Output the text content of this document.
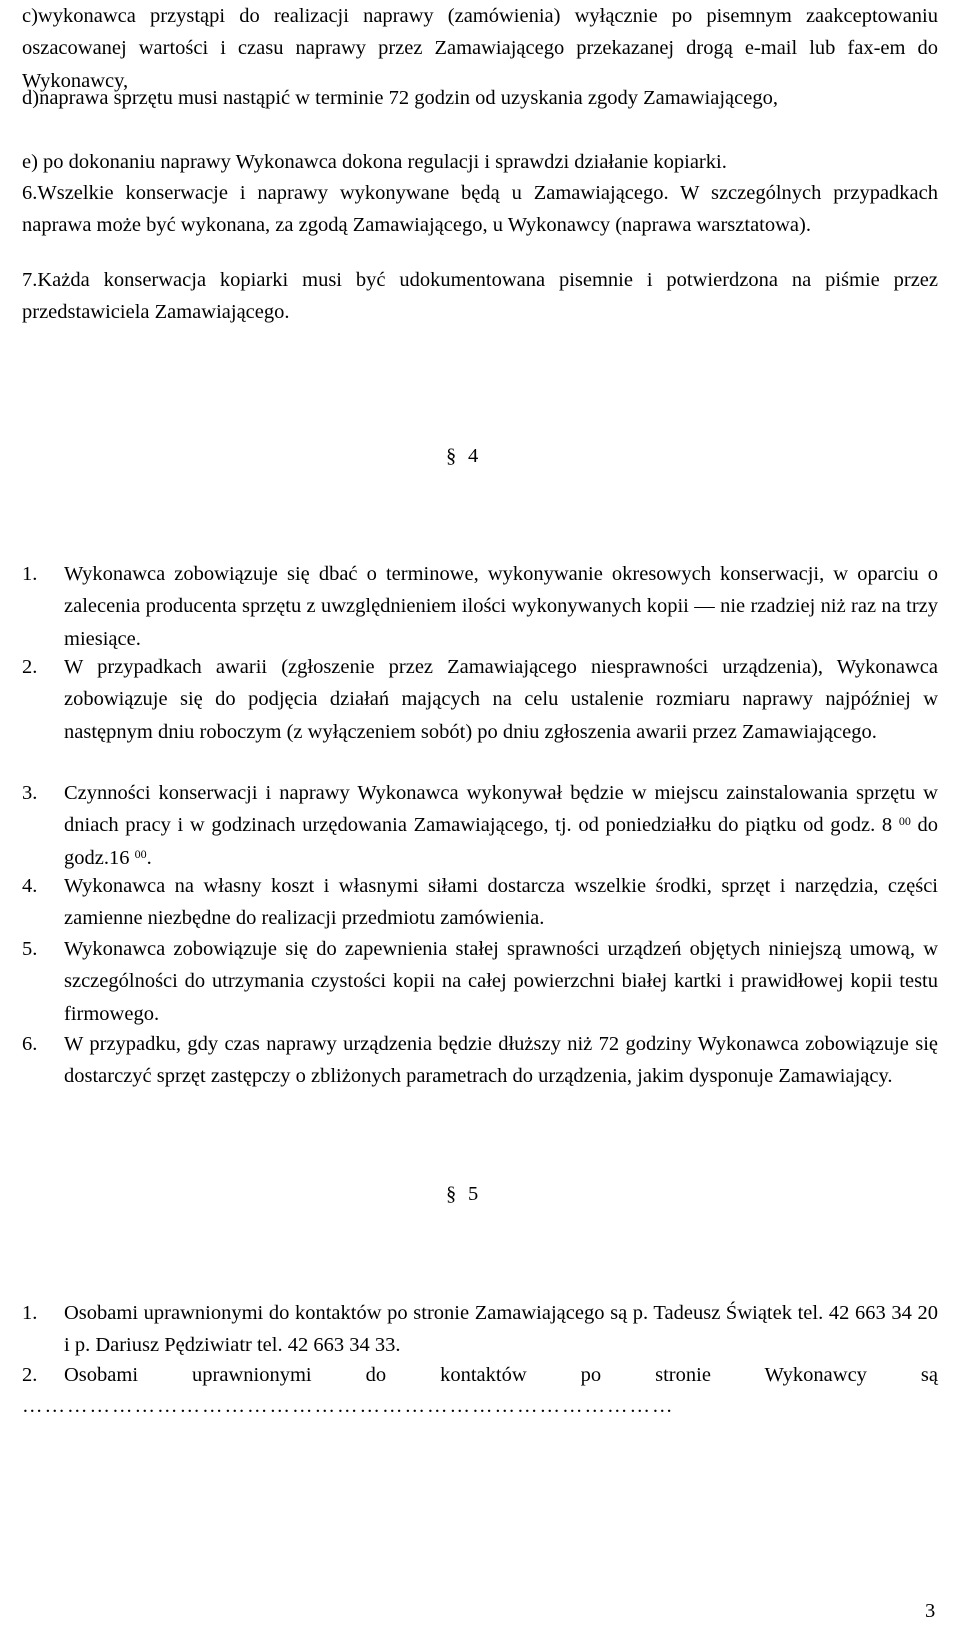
c)wykonawca przystąpi do realizacji naprawy (zamówienia) wyłącznie po pisemnym zaakceptowaniu oszacowanej wartości i czasu naprawy przez Zamawiającego przekazanej drogą e-mail lub fax-em do Wykonawcy,

d)naprawa sprzętu musi nastąpić w terminie 72 godzin od uzyskania zgody Zamawiającego,

e) po dokonaniu naprawy Wykonawca dokona regulacji i sprawdzi działanie kopiarki.

6.Wszelkie konserwacje i naprawy wykonywane będą u Zamawiającego. W szczególnych przypadkach naprawa może być wykonana, za zgodą Zamawiającego, u Wykonawcy (naprawa warsztatowa).

7.Każda konserwacja kopiarki musi być udokumentowana pisemnie i potwierdzona na piśmie przez przedstawiciela Zamawiającego.

§ 4
1. Wykonawca zobowiązuje się dbać o terminowe, wykonywanie okresowych konserwacji, w oparciu o zalecenia producenta sprzętu z uwzględnieniem ilości wykonywanych kopii — nie rzadziej niż raz na trzy miesiące.
2. W przypadkach awarii (zgłoszenie przez Zamawiającego niesprawności urządzenia), Wykonawca zobowiązuje się do podjęcia działań mających na celu ustalenie rozmiaru naprawy najpóźniej w następnym dniu roboczym (z wyłączeniem sobót) po dniu zgłoszenia awarii przez Zamawiającego.
3. Czynności konserwacji i naprawy Wykonawca wykonywał będzie w miejscu zainstalowania sprzętu w dniach pracy i w godzinach urzędowania Zamawiającego, tj. od poniedziałku do piątku od godz. 8 $^{00}$ do godz.16 $^{00}$.
4. Wykonawca na własny koszt i własnymi siłami dostarcza wszelkie środki, sprzęt i narzędzia, części zamienne niezbędne do realizacji przedmiotu zamówienia.
5. Wykonawca zobowiązuje się do zapewnienia stałej sprawności urządzeń objętych niniejszą umową, w szczególności do utrzymania czystości kopii na całej powierzchni białej kartki i prawidłowej kopii testu firmowego.
6. W przypadku, gdy czas naprawy urządzenia będzie dłuższy niż 72 godziny Wykonawca zobowiązuje się dostarczyć sprzęt zastępczy o zbliżonych parametrach do urządzenia, jakim dysponuje Zamawiający.
§ 5
1. Osobami uprawnionymi do kontaktów po stronie Zamawiającego są p. Tadeusz Świątek tel. 42 663 34 20 i p. Dariusz Pędziwiatr tel. 42 663 34 33.
2. Osobami uprawnionymi do kontaktów po stronie Wykonawcy są
……………………………………………………………………………
3
